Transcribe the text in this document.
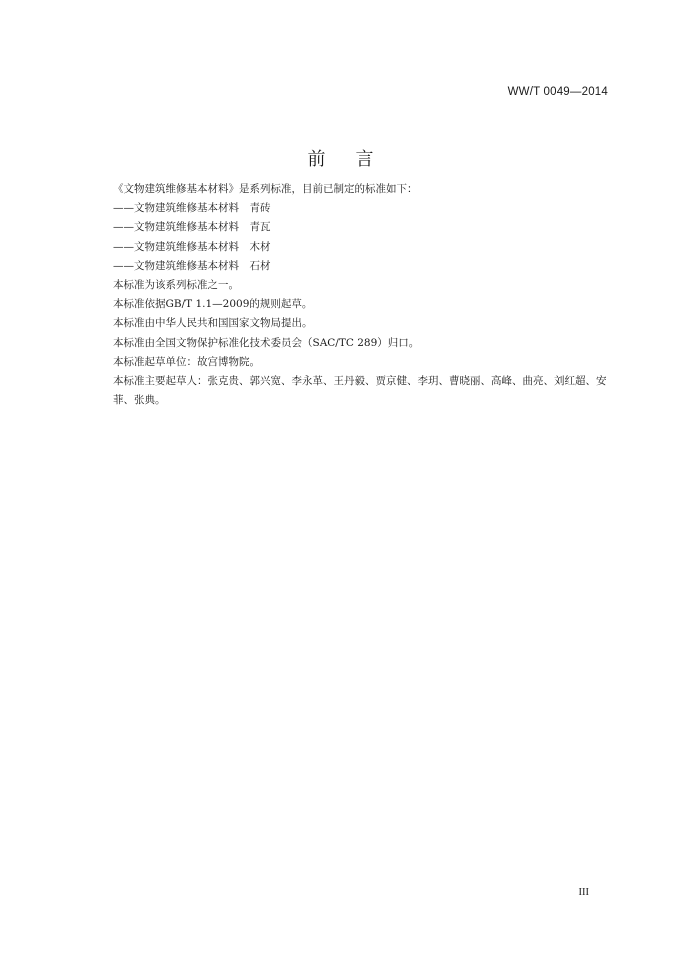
WW/T 0049—2014
前言

《文物建筑维修基本材料》是系列标准，目前已制定的标准如下：

——文物建筑维修基本材料　青砖

——文物建筑维修基本材料　青瓦

——文物建筑维修基本材料　木材

——文物建筑维修基本材料　石材

本标准为该系列标准之一。

本标准依据GB/T 1.1—2009的规则起草。

本标准由中华人民共和国国家文物局提出。

本标准由全国文物保护标准化技术委员会（SAC/TC 289）归口。

本标准起草单位：故宫博物院。

本标准主要起草人：张克贵、郭兴宽、李永革、王丹毅、贾京健、李玥、曹晓丽、高峰、曲亮、刘红超、安菲、张典。

III
